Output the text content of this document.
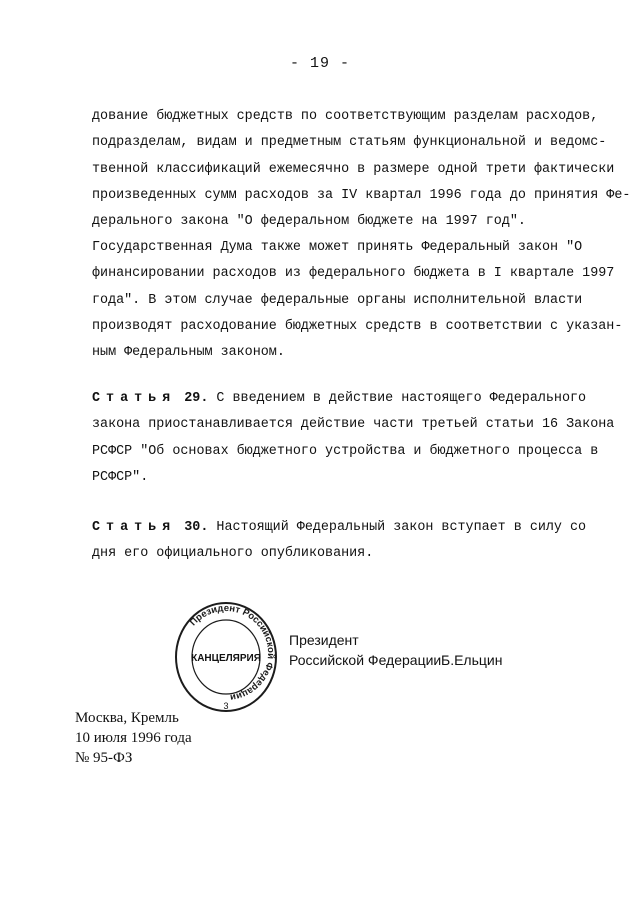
- 19 -
дование бюджетных средств по соответствующим разделам расходов,
подразделам, видам и предметным статьям функциональной и ведомс-
твенной классификаций ежемесячно в размере одной трети фактически
произведенных сумм расходов за IV квартал 1996 года до принятия Фе-
дерального закона "О федеральном бюджете на 1997 год".
Государственная Дума также может принять Федеральный закон "О
финансировании расходов из федерального бюджета в I квартале 1997
года". В этом случае федеральные органы исполнительной власти
производят расходование бюджетных средств в соответствии с указан-
ным Федеральным законом.
Статья 29. С введением в действие настоящего Федерального
закона приостанавливается действие части третьей статьи 16 Закона
РСФСР "Об основах бюджетного устройства и бюджетного процесса в
РСФСР".
Статья 30. Настоящий Федеральный закон вступает в силу со
дня его официального опубликования.
Президент
Российской Федерации Б.Ельцин
Президент Российской Федерации
КАНЦЕЛЯРИЯ
3
Москва, Кремль
10 июля 1996 года
№ 95-ФЗ
